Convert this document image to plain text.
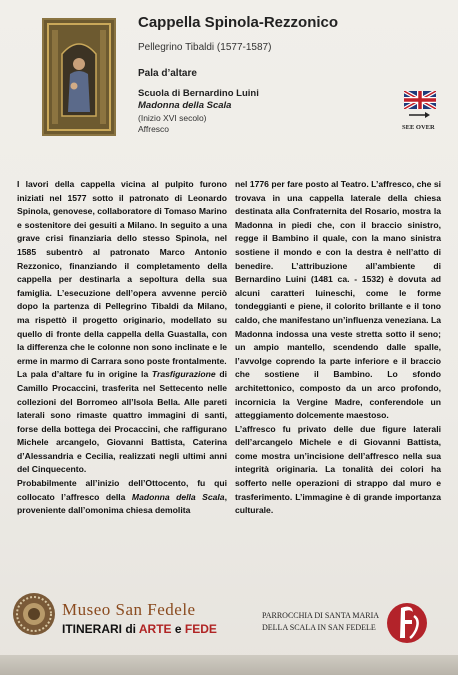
Cappella Spinola-Rezzonico
Pellegrino Tibaldi (1577-1587)
Pala d’altare
Scuola di Bernardino Luini
Madonna della Scala
(Inizio XVI secolo)
Affresco	SEE OVER

I lavori della cappella vicina al pulpito furono iniziati nel 1577 sotto il patronato di Leonardo Spinola, genovese, collaboratore di Tomaso Marino e sostenitore dei gesuiti a Milano. In seguito a una grave crisi finanziaria dello stesso Spinola, nel 1585 subentrò al patronato Marco Antonio Rezzonico, finanziando il completamento della cappella per destinarla a sepoltura della sua famiglia. L’esecuzione dell’opera avvenne perciò dopo la partenza di Pellegrino Tibaldi da Milano, ma rispettò il progetto originario, modellato su quello di fronte della cappella della Guastalla, con la differenza che le colonne non sono inclinate e le erme in marmo di Carrara sono poste frontalmente.

La pala d’altare fu in origine la Trasfigurazione di Camillo Procaccini, trasferita nel Settecento nelle collezioni del Borromeo all’Isola Bella. Alle pareti laterali sono rimaste quattro immagini di santi, forse della bottega dei Procaccini, che raffigurano Michele arcangelo, Giovanni Battista, Caterina d’Alessandria e Cecilia, realizzati negli ultimi anni del Cinquecento.

Probabilmente all’inizio dell’Ottocento, fu qui collocato l’affresco della Madonna della Scala, proveniente dall’omonima chiesa demolita

nel 1776 per fare posto al Teatro. L’affresco, che si trovava in una cappella laterale della chiesa destinata alla Confraternita del Rosario, mostra la Madonna in piedi che, con il braccio sinistro, regge il Bambino il quale, con la mano sinistra sostiene il mondo e con la destra è nell’atto di benedire. L’attribuzione all’ambiente di Bernardino Luini (1481 ca. - 1532) è dovuta ad alcuni caratteri luineschi, come le forme tondeggianti e piene, il colorito brillante e il tono caldo, che manifestano un’influenza veneziana. La Madonna indossa una veste stretta sotto il seno; un ampio mantello, scendendo dalle spalle, l’avvolge coprendo la parte inferiore e il braccio che sostiene il Bambino. Lo sfondo architettonico, composto da un arco profondo, incornicia la Vergine Madre, conferendole un atteggiamento dolcemente maestoso.

L’affresco fu privato delle due figure laterali dell’arcangelo Michele e di Giovanni Battista, come mostra un’incisione dell’affresco nella sua integrità originaria. La tonalità dei colori ha sofferto nelle operazioni di strappo dal muro e trasferimento. L’immagine è di grande importanza culturale.

Museo San Fedele
ITINERARI di ARTE e FEDE
PARROCCHIA DI SANTA MARIA
DELLA SCALA IN SAN FEDELE
